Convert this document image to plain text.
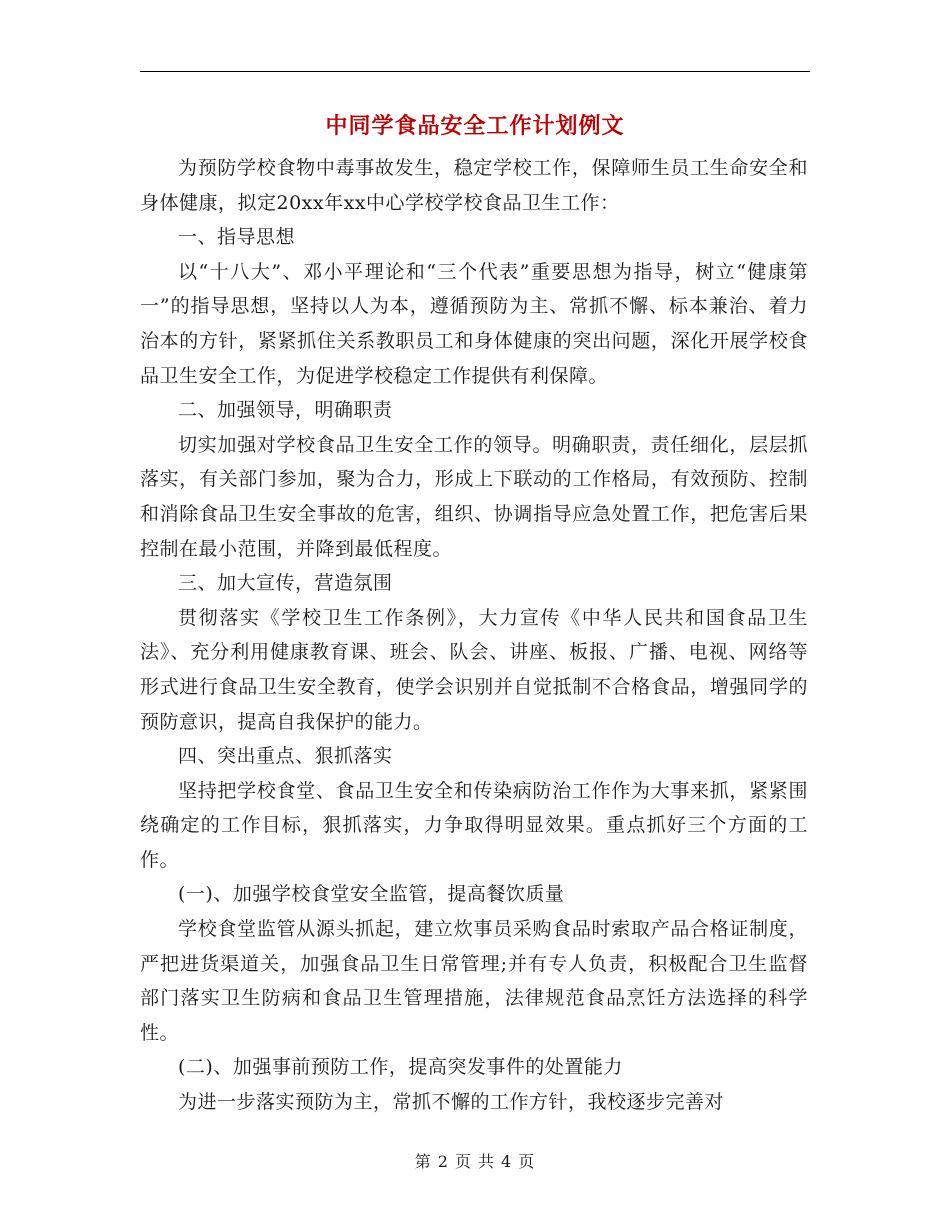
中同学食品安全工作计划例文

为预防学校食物中毒事故发生，稳定学校工作，保障师生员工生命安全和身体健康，拟定20xx年xx中心学校学校食品卫生工作：

一、指导思想

以“十八大”、邓小平理论和“三个代表”重要思想为指导，树立“健康第一”的指导思想，坚持以人为本，遵循预防为主、常抓不懈、标本兼治、着力治本的方针，紧紧抓住关系教职员工和身体健康的突出问题，深化开展学校食品卫生安全工作，为促进学校稳定工作提供有利保障。

二、加强领导，明确职责

切实加强对学校食品卫生安全工作的领导。明确职责，责任细化，层层抓落实，有关部门参加，聚为合力，形成上下联动的工作格局，有效预防、控制和消除食品卫生安全事故的危害，组织、协调指导应急处置工作，把危害后果控制在最小范围，并降到最低程度。

三、加大宣传，营造氛围

贯彻落实《学校卫生工作条例》，大力宣传《中华人民共和国食品卫生法》、充分利用健康教育课、班会、队会、讲座、板报、广播、电视、网络等形式进行食品卫生安全教育，使学会识别并自觉抵制不合格食品，增强同学的预防意识，提高自我保护的能力。

四、突出重点、狠抓落实

坚持把学校食堂、食品卫生安全和传染病防治工作作为大事来抓，紧紧围绕确定的工作目标，狠抓落实，力争取得明显效果。重点抓好三个方面的工作。

(一)、加强学校食堂安全监管，提高餐饮质量

学校食堂监管从源头抓起，建立炊事员采购食品时索取产品合格证制度，严把进货渠道关，加强食品卫生日常管理;并有专人负责，积极配合卫生监督部门落实卫生防病和食品卫生管理措施，法律规范食品烹饪方法选择的科学性。

(二)、加强事前预防工作，提高突发事件的处置能力

为进一步落实预防为主，常抓不懈的工作方针，我校逐步完善对

第 2 页 共 4 页
